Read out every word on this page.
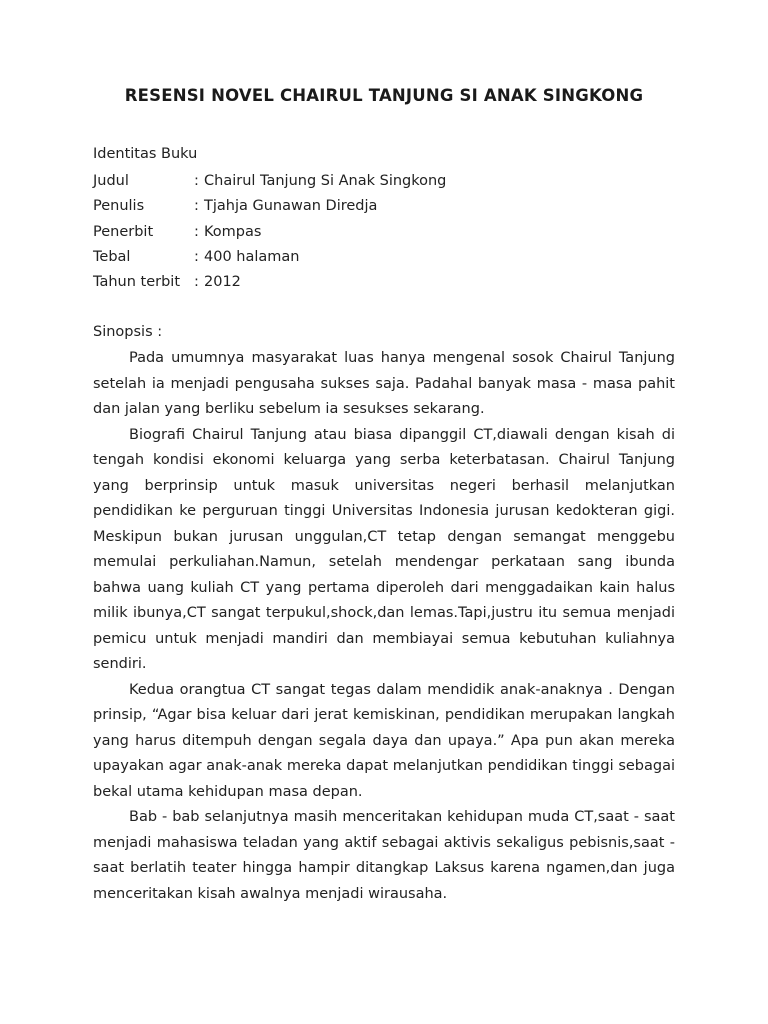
RESENSI NOVEL CHAIRUL TANJUNG SI ANAK SINGKONG
Identitas Buku
Judul	: Chairul Tanjung Si Anak Singkong
Penulis	: Tjahja Gunawan Diredja
Penerbit	: Kompas
Tebal	: 400 halaman
Tahun terbit : 2012
Sinopsis :

Pada umumnya masyarakat luas hanya mengenal sosok Chairul Tanjung setelah ia menjadi pengusaha sukses saja. Padahal banyak masa - masa pahit dan jalan yang berliku sebelum ia sesukses sekarang.

Biografi Chairul Tanjung atau biasa dipanggil CT,diawali dengan kisah di tengah kondisi ekonomi keluarga yang serba keterbatasan. Chairul Tanjung yang berprinsip untuk masuk universitas negeri berhasil melanjutkan pendidikan ke perguruan tinggi Universitas Indonesia jurusan kedokteran gigi. Meskipun bukan jurusan unggulan,CT tetap dengan semangat menggebu memulai perkuliahan.Namun, setelah mendengar perkataan sang ibunda bahwa uang kuliah CT yang pertama diperoleh dari menggadaikan kain halus milik ibunya,CT sangat terpukul,shock,dan lemas.Tapi,justru itu semua menjadi pemicu untuk menjadi mandiri dan membiayai semua kebutuhan kuliahnya sendiri.

Kedua orangtua CT sangat tegas dalam mendidik anak-anaknya . Dengan prinsip, “Agar bisa keluar dari jerat kemiskinan, pendidikan merupakan langkah yang harus ditempuh dengan segala daya dan upaya.” Apa pun akan mereka upayakan agar anak-anak mereka dapat melanjutkan pendidikan tinggi sebagai bekal utama kehidupan masa depan.

Bab - bab selanjutnya masih menceritakan kehidupan muda CT,saat - saat menjadi mahasiswa teladan yang aktif sebagai aktivis sekaligus pebisnis,saat - saat berlatih teater hingga hampir ditangkap Laksus karena ngamen,dan juga menceritakan kisah awalnya menjadi wirausaha.
